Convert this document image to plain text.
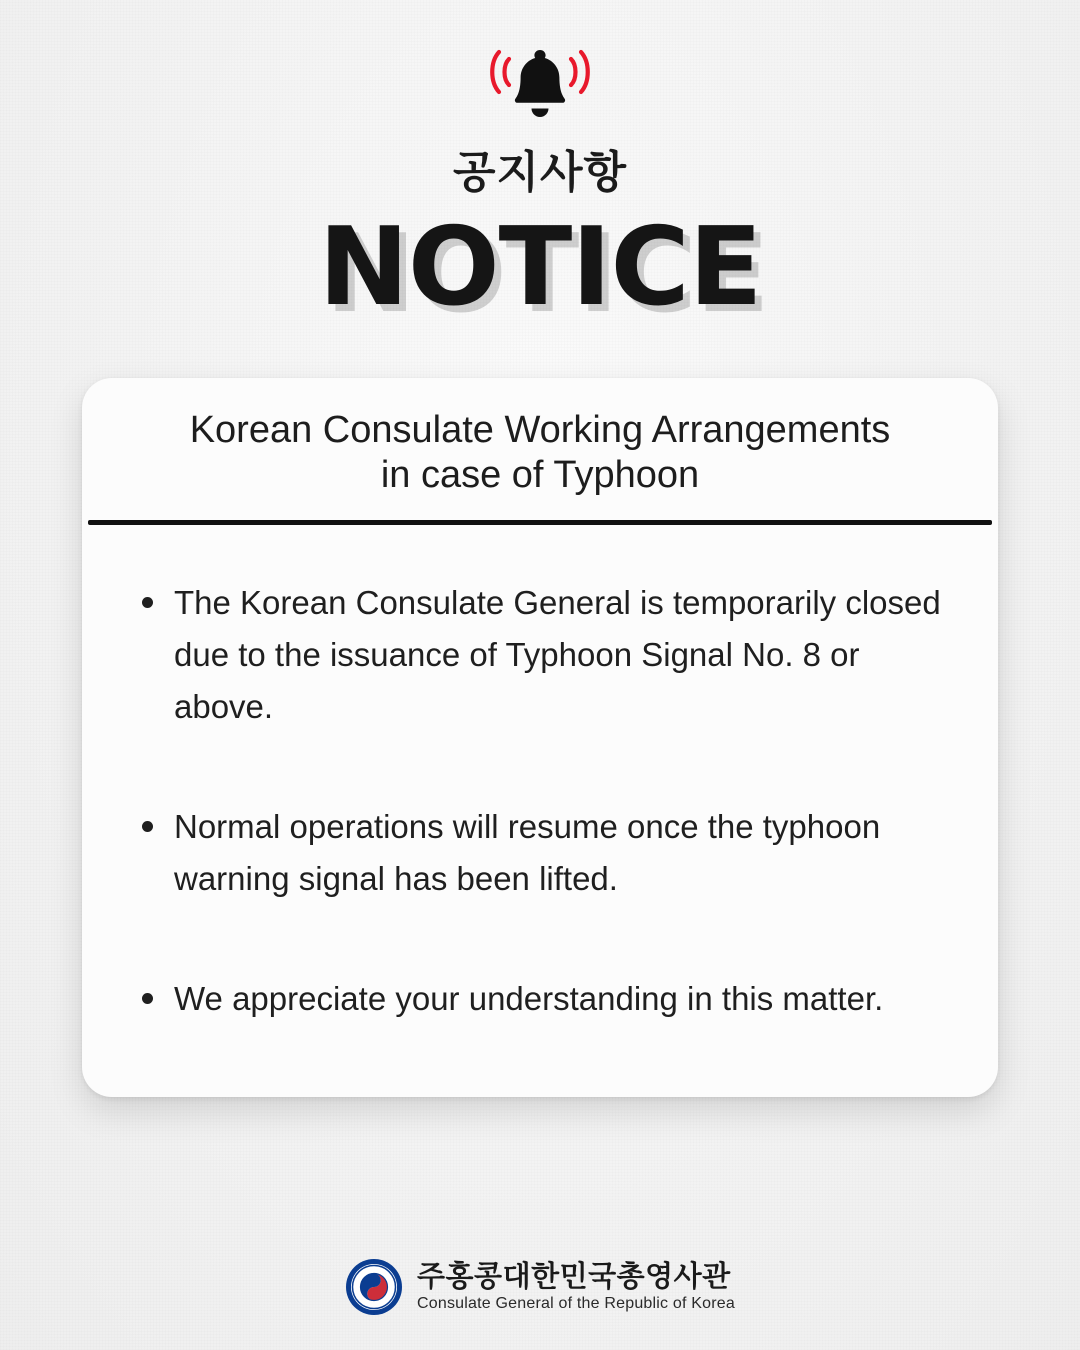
공지사항
NOTICE
Korean Consulate Working Arrangements
in case of Typhoon
The Korean Consulate General is temporarily closed due to the issuance of Typhoon Signal No. 8 or above.
Normal operations will resume once the typhoon warning signal has been lifted.
We appreciate your understanding in this matter.
주홍콩대한민국총영사관
Consulate General of the Republic of Korea
